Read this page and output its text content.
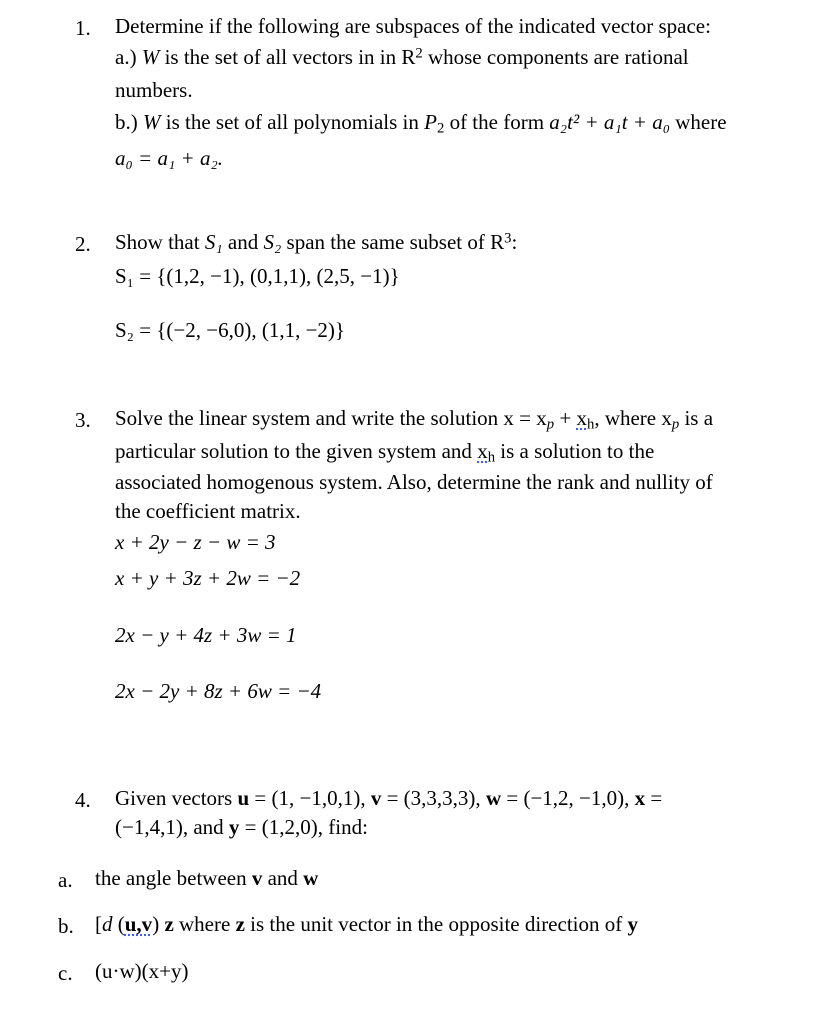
1. Determine if the following are subspaces of the indicated vector space:
a.) W is the set of all vectors in in $R^2$ whose components are rational
numbers.
b.) W is the set of all polynomials in $P_2$ of the form a₂t² + a₁t + a₀ where
a₀ = a₁ + a₂.
2. Show that S₁ and S₂ span the same subset of $R^3$:
S₁ = {(1,2, −1), (0,1,1), (2,5, −1)}
S₂ = {(−2, −6,0), (1,1, −2)}
3. Solve the linear system and write the solution $x = x_p + x_h$, where $x_p$ is a
particular solution to the given system and $x_h$ is a solution to the
associated homogenous system. Also, determine the rank and nullity of
the coefficient matrix.
x + 2y − z − w = 3
x + y + 3z + 2w = −2
2x − y + 4z + 3w = 1
2x − 2y + 8z + 6w = −4
4. Given vectors u = (1, −1,0,1), v = (3,3,3,3), w = (−1,2, −1,0), x =
(−1,4,1), and y = (1,2,0), find:
a. the angle between v and w
b. [d (u,v) z where z is the unit vector in the opposite direction of y
c. (u·w)(x+y)
